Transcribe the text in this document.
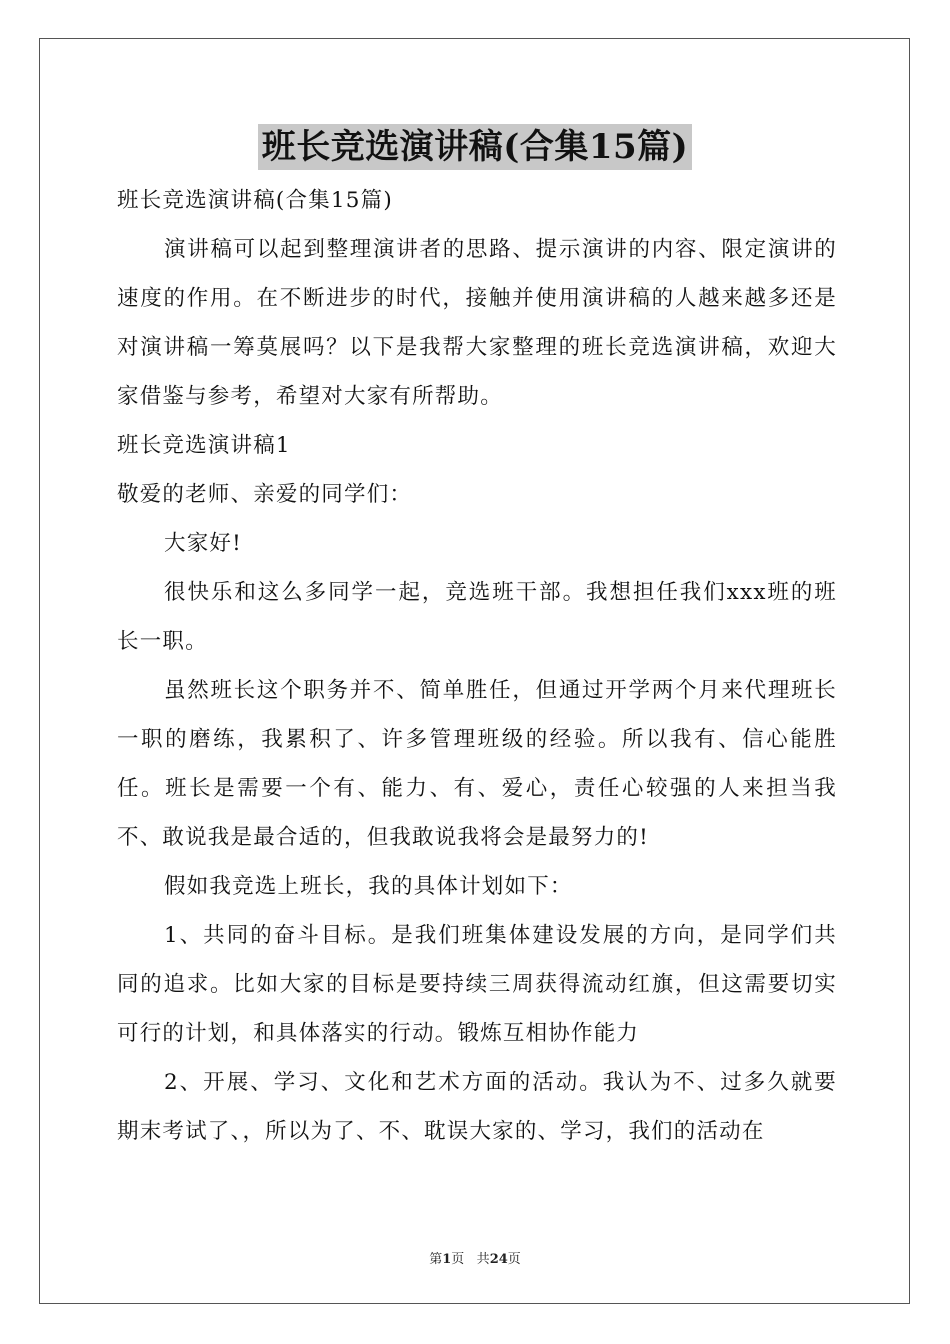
班长竞选演讲稿(合集15篇)

班长竞选演讲稿(合集15篇)

演讲稿可以起到整理演讲者的思路、提示演讲的内容、限定演讲的速度的作用。在不断进步的时代，接触并使用演讲稿的人越来越多还是对演讲稿一筹莫展吗？以下是我帮大家整理的班长竞选演讲稿，欢迎大家借鉴与参考，希望对大家有所帮助。

班长竞选演讲稿1

敬爱的老师、亲爱的同学们：

大家好!

很快乐和这么多同学一起，竞选班干部。我想担任我们xxx班的班长一职。

虽然班长这个职务并不、简单胜任，但通过开学两个月来代理班长一职的磨练，我累积了、许多管理班级的经验。所以我有、信心能胜任。班长是需要一个有、能力、有、爱心，责任心较强的人来担当我不、敢说我是最合适的，但我敢说我将会是最努力的!

假如我竞选上班长，我的具体计划如下：

1、共同的奋斗目标。是我们班集体建设发展的方向，是同学们共同的追求。比如大家的目标是要持续三周获得流动红旗，但这需要切实可行的计划，和具体落实的行动。锻炼互相协作能力

2、开展、学习、文化和艺术方面的活动。我认为不、过多久就要期末考试了、，所以为了、不、耽误大家的、学习，我们的活动在

第1页 共24页
